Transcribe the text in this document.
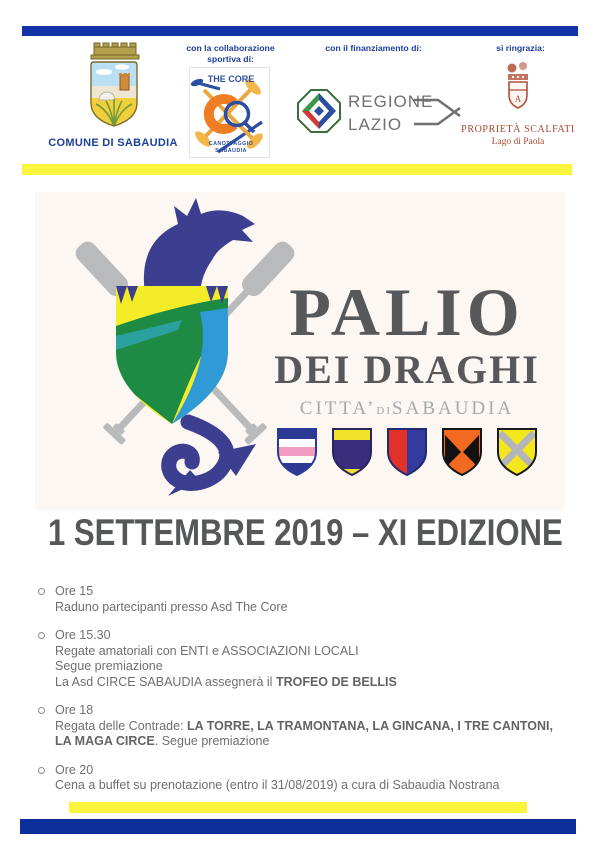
COMUNE DI SABAUDIA
con la collaborazione
sportiva di:
THE CORE
CANOTTAGGIO
SABAUDIA
con il finanziamento di:
REGIONE
LAZIO
si ringrazia:
A
PROPRIETÀ SCALFATI
Lago di Paola
PALIO
DEI DRAGHI
CITTA’diSABAUDIA
1 SETTEMBRE 2019 – XI EDIZIONE
Ore 15
Raduno partecipanti presso Asd The Core
Ore 15.30
Regate amatoriali con ENTI e ASSOCIAZIONI LOCALI
Segue premiazione
La Asd CIRCE SABAUDIA assegnerà il TROFEO DE BELLIS
Ore 18
Regata delle Contrade: LA TORRE, LA TRAMONTANA, LA GINCANA, I TRE CANTONI, LA MAGA CIRCE. Segue premiazione
Ore 20
Cena a buffet su prenotazione (entro il 31/08/2019) a cura di Sabaudia Nostrana
